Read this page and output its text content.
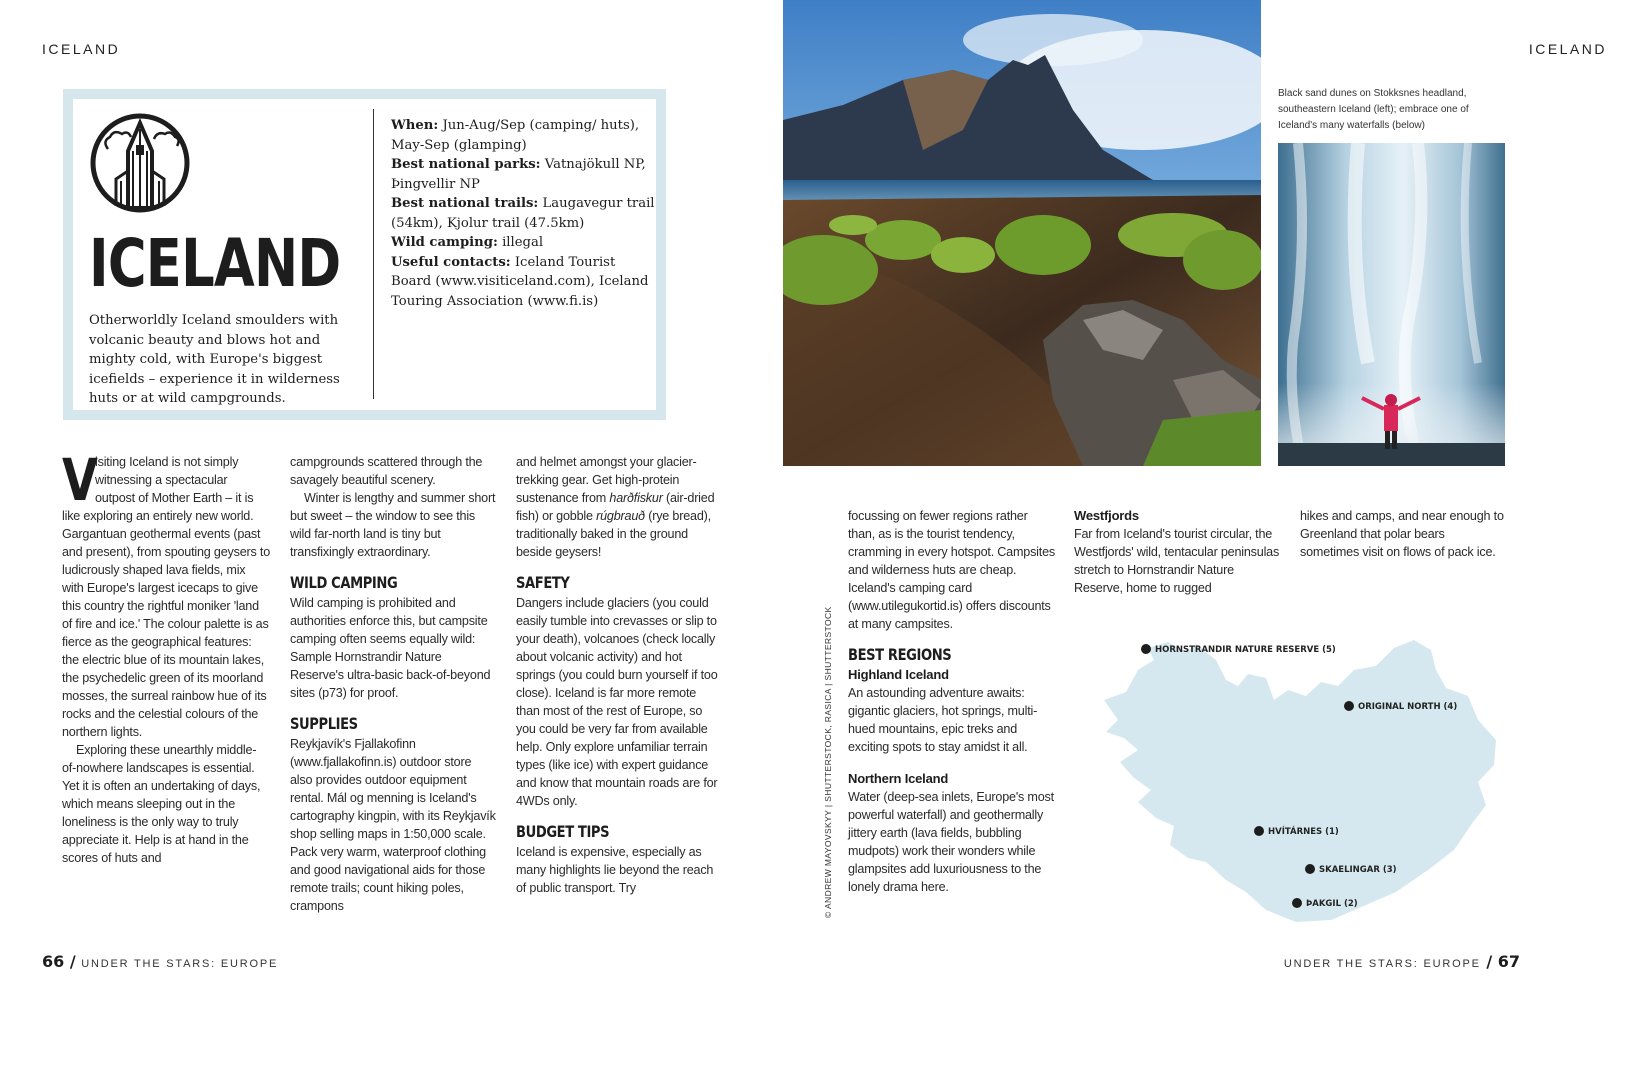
ICELAND	ICELAND
ICELAND
Otherworldly Iceland smoulders with volcanic beauty and blows hot and mighty cold, with Europe's biggest icefields – experience it in wilderness huts or at wild campgrounds.
When: Jun-Aug/Sep (camping/ huts), May-Sep (glamping)
Best national parks: Vatnajökull NP, Þingvellir NP
Best national trails: Laugavegur trail (54km), Kjolur trail (47.5km)
Wild camping: illegal
Useful contacts: Iceland Tourist Board (www.visiticeland.com), Iceland Touring Association (www.fi.is)

V
isiting Iceland is not simply witnessing a spectacular outpost of Mother Earth – it is like exploring an entirely new world. Gargantuan geothermal events (past and present), from spouting geysers to ludicrously shaped lava fields, mix with Europe's largest icecaps to give this country the rightful moniker 'land of fire and ice.' The colour palette is as fierce as the geographical features: the electric blue of its mountain lakes, the psychedelic green of its moorland mosses, the surreal rainbow hue of its rocks and the celestial colours of the northern lights.

Exploring these unearthly middle-of-nowhere landscapes is essential. Yet it is often an undertaking of days, which means sleeping out in the loneliness is the only way to truly appreciate it. Help is at hand in the scores of huts and

campgrounds scattered through the savagely beautiful scenery.

Winter is lengthy and summer short but sweet – the window to see this wild far-north land is tiny but transfixingly extraordinary.

WILD CAMPING

Wild camping is prohibited and authorities enforce this, but campsite camping often seems equally wild: Sample Hornstrandir Nature Reserve's ultra-basic back-of-beyond sites (p73) for proof.

SUPPLIES

Reykjavík's Fjallakofinn (www.fjallakofinn.is) outdoor store also provides outdoor equipment rental. Mál og menning is Iceland's cartography kingpin, with its Reykjavík shop selling maps in 1:50,000 scale. Pack very warm, waterproof clothing and good navigational aids for those remote trails; count hiking poles, crampons

and helmet amongst your glacier-trekking gear. Get high-protein sustenance from harðfiskur (air-dried fish) or gobble rúgbrauð (rye bread), traditionally baked in the ground beside geysers!

SAFETY

Dangers include glaciers (you could easily tumble into crevasses or slip to your death), volcanoes (check locally about volcanic activity) and hot springs (you could burn yourself if too close). Iceland is far more remote than most of the rest of Europe, so you could be very far from available help. Only explore unfamiliar terrain types (like ice) with expert guidance and know that mountain roads are for 4WDs only.

BUDGET TIPS

Iceland is expensive, especially as many highlights lie beyond the reach of public transport. Try

Black sand dunes on Stokksnes headland, southeastern Iceland (left); embrace one of Iceland's many waterfalls (below)
© ANDREW MAYOVSKYY | SHUTTERSTOCK, RASICA | SHUTTERSTOCK

focussing on fewer regions rather than, as is the tourist tendency, cramming in every hotspot. Campsites and wilderness huts are cheap. Iceland's camping card (www.utilegukortid.is) offers discounts at many campsites.

BEST REGIONS
Highland Iceland

An astounding adventure awaits: gigantic glaciers, hot springs, multi-hued mountains, epic treks and exciting spots to stay amidst it all.

Northern Iceland

Water (deep-sea inlets, Europe's most powerful waterfall) and geothermally jittery earth (lava fields, bubbling mudpots) work their wonders while glampsites add luxuriousness to the lonely drama here.

Westfjords

Far from Iceland's tourist circular, the Westfjords' wild, tentacular peninsulas stretch to Hornstrandir Nature Reserve, home to rugged

hikes and camps, and near enough to Greenland that polar bears sometimes visit on flows of pack ice.

HORNSTRANDIR NATURE RESERVE (5)
ORIGINAL NORTH (4)
HVÍTÁRNES (1)
SKAELINGAR (3)
ÞAKGIL (2)
66 / UNDER THE STARS: EUROPE	UNDER THE STARS: EUROPE / 67
